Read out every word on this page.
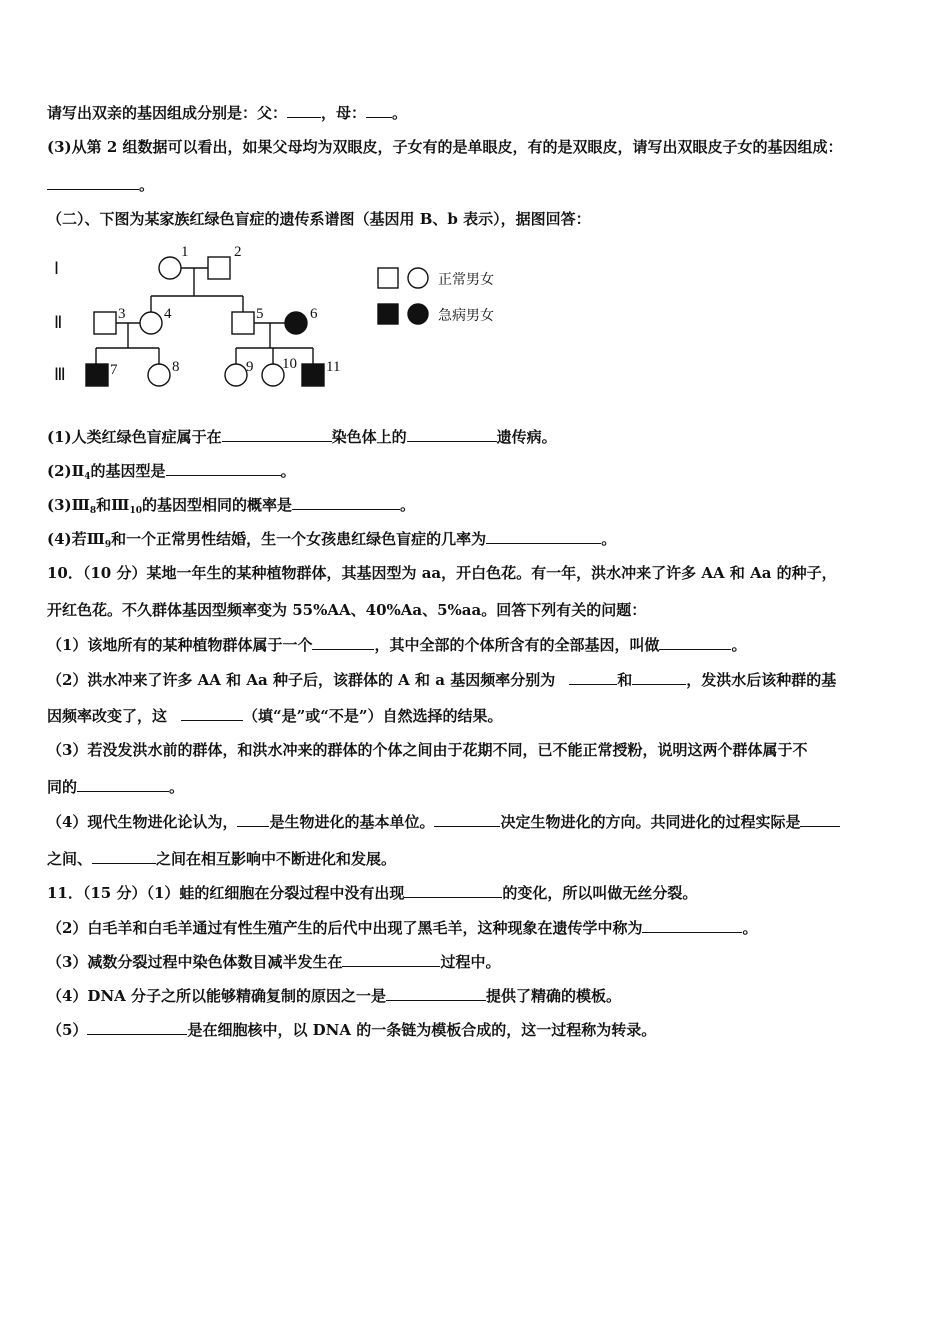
请写出双亲的基因组成分别是：父： ，母： 。
(3)从第 2 组数据可以看出，如果父母均为双眼皮，子女有的是单眼皮，有的是双眼皮，请写出双眼皮子女的基因组成：
。
（二）、下图为某家族红绿色盲症的遗传系谱图（基因用 B、b 表示），据图回答：
Ⅰ
Ⅱ
Ⅲ
1	2
3	4	5	6
7	8	9 10 11
正常男女
急病男女
(1)人类红绿色盲症属于在	染色体上的	遗传病。
$(2)Ⅱ_4$的基因型是	。
$(3)Ⅲ_8$和$Ⅲ_{10}$的基因型相同的概率是	。
(4)若$Ⅲ_9$和一个正常男性结婚，生一个女孩患红绿色盲症的几率为	。
10．（10 分）某地一年生的某种植物群体，其基因型为 aa，开白色花。有一年，洪水冲来了许多 AA 和 Aa 的种子，
开红色花。不久群体基因型频率变为 55%AA、40%Aa、5%aa。回答下列有关的问题：
（1）该地所有的某种植物群体属于一个	，其中全部的个体所含有的全部基因，叫做	。
（2）洪水冲来了许多 AA 和 Aa 种子后，该群体的 A 和 a 基因频率分别为	和	，发洪水后该种群的基
因频率改变了，这	（填“是”或“不是”）自然选择的结果。
（3）若没发洪水前的群体，和洪水冲来的群体的个体之间由于花期不同，已不能正常授粉，说明这两个群体属于不
同的	。
（4）现代生物进化论认为， 是生物进化的基本单位。	决定生物进化的方向。共同进化的过程实际是
之间、	之间在相互影响中不断进化和发展。
11．（15 分）（1）蛙的红细胞在分裂过程中没有出现	的变化，所以叫做无丝分裂。
（2）白毛羊和白毛羊通过有性生殖产生的后代中出现了黑毛羊，这种现象在遗传学中称为	。
（3）减数分裂过程中染色体数目减半发生在	过程中。
（4）DNA 分子之所以能够精确复制的原因之一是	提供了精确的模板。
（5）	是在细胞核中，以 DNA 的一条链为模板合成的，这一过程称为转录。
